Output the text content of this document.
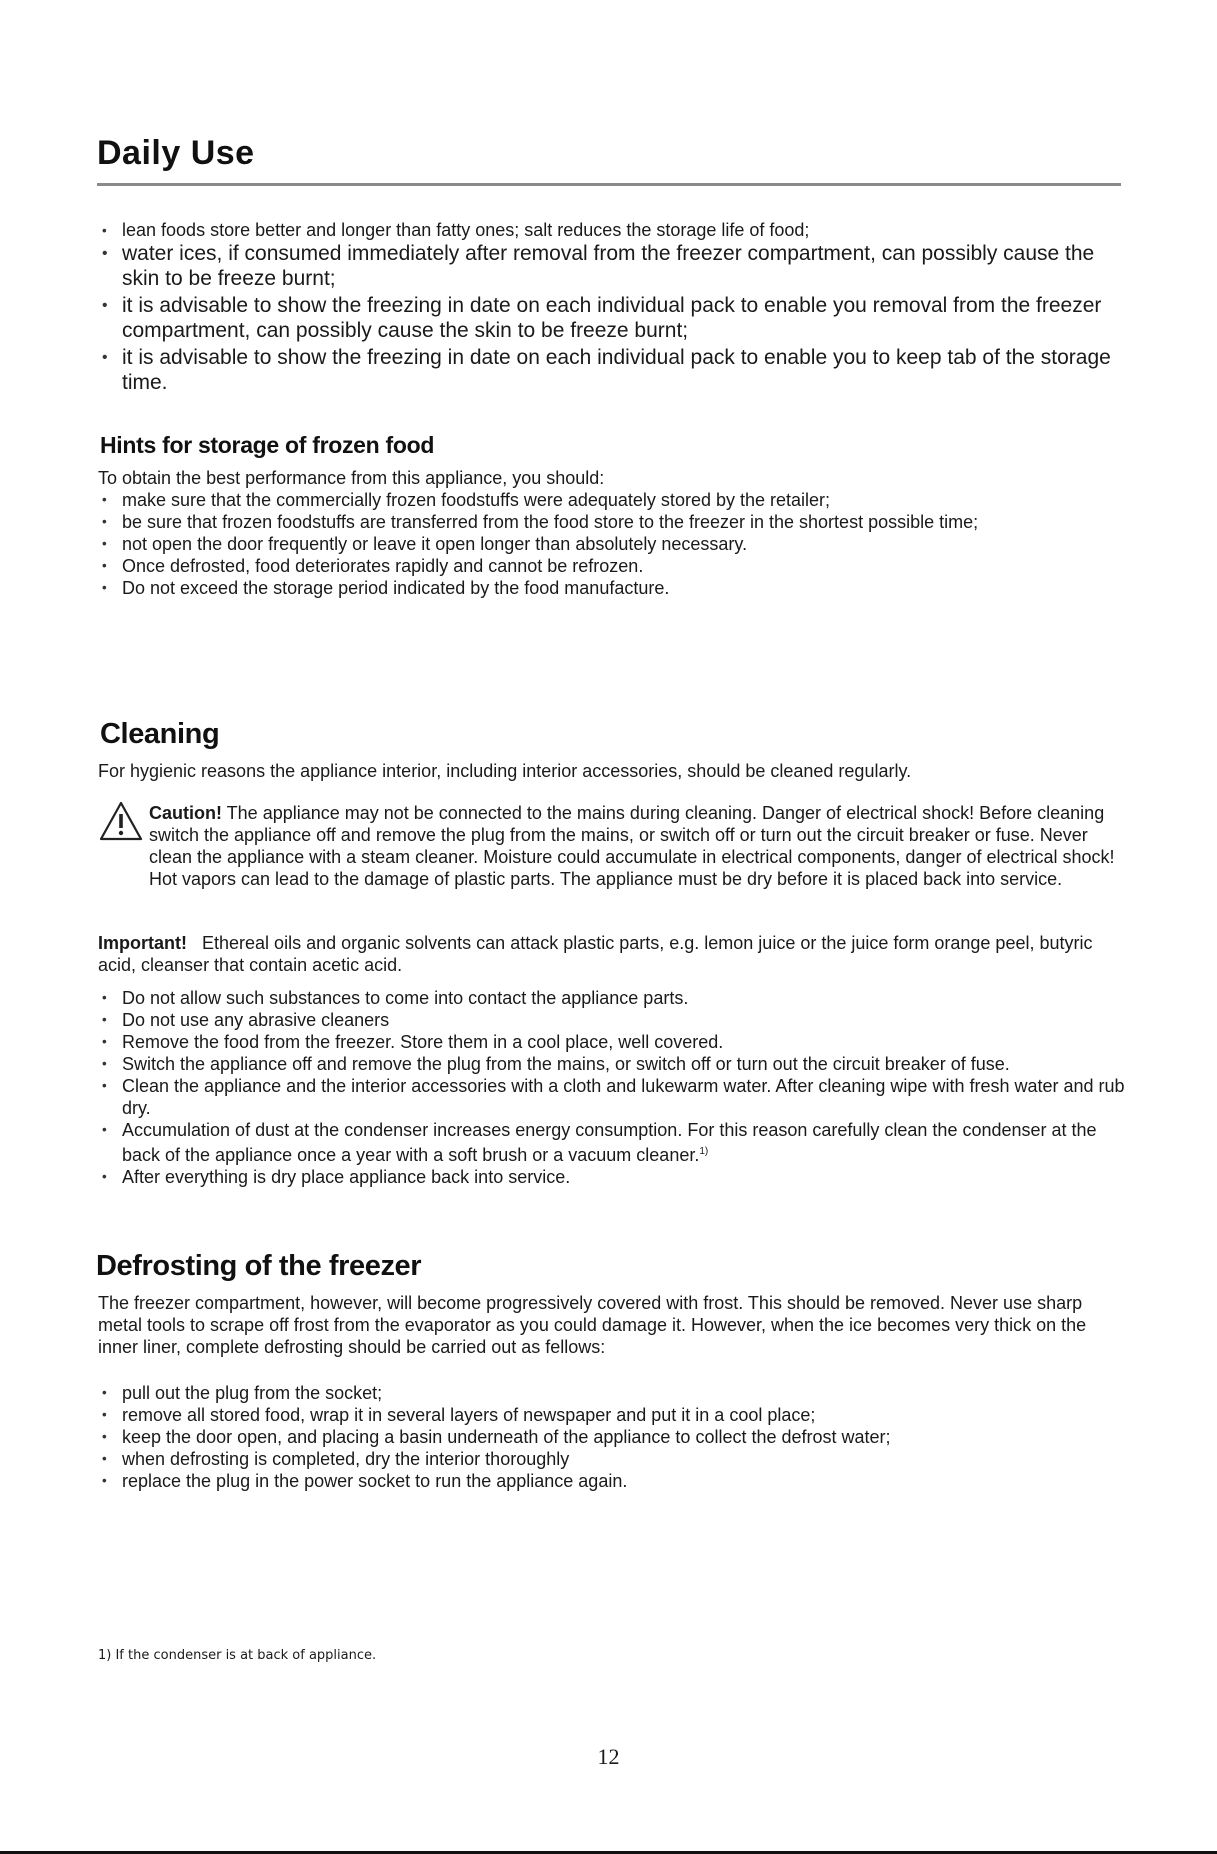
Daily Use
• lean foods store better and longer than fatty ones; salt reduces the storage life of food;
• water ices, if consumed immediately after removal from the freezer compartment, can possibly cause the skin to be freeze burnt;
• it is advisable to show the freezing in date on each individual pack to enable you removal from the freezer compartment, can possibly cause the skin to be freeze burnt;
• it is advisable to show the freezing in date on each individual pack to enable you to keep tab of the storage time.
Hints for storage of frozen food
To obtain the best performance from this appliance, you should:
• make sure that the commercially frozen foodstuffs were adequately stored by the retailer;
• be sure that frozen foodstuffs are transferred from the food store to the freezer in the shortest possible time;
• not open the door frequently or leave it open longer than absolutely necessary.
• Once defrosted, food deteriorates rapidly and cannot be refrozen.
• Do not exceed the storage period indicated by the food manufacture.
Cleaning
For hygienic reasons the appliance interior, including interior accessories, should be cleaned regularly.
Caution! The appliance may not be connected to the mains during cleaning. Danger of electrical shock! Before cleaning switch the appliance off and remove the plug from the mains, or switch off or turn out the circuit breaker or fuse. Never clean the appliance with a steam cleaner. Moisture could accumulate in electrical components, danger of electrical shock! Hot vapors can lead to the damage of plastic parts. The appliance must be dry before it is placed back into service.
Important! Ethereal oils and organic solvents can attack plastic parts, e.g. lemon juice or the juice form orange peel, butyric acid, cleanser that contain acetic acid.
• Do not allow such substances to come into contact the appliance parts.
• Do not use any abrasive cleaners
• Remove the food from the freezer. Store them in a cool place, well covered.
• Switch the appliance off and remove the plug from the mains, or switch off or turn out the circuit breaker of fuse.
• Clean the appliance and the interior accessories with a cloth and lukewarm water. After cleaning wipe with fresh water and rub dry.
• Accumulation of dust at the condenser increases energy consumption. For this reason carefully clean the condenser at the back of the appliance once a year with a soft brush or a vacuum cleaner.$^{1)}$
• After everything is dry place appliance back into service.
Defrosting of the freezer
The freezer compartment, however, will become progressively covered with frost. This should be removed. Never use sharp metal tools to scrape off frost from the evaporator as you could damage it. However, when the ice becomes very thick on the inner liner, complete defrosting should be carried out as fellows:
• pull out the plug from the socket;
• remove all stored food, wrap it in several layers of newspaper and put it in a cool place;
• keep the door open, and placing a basin underneath of the appliance to collect the defrost water;
• when defrosting is completed, dry the interior thoroughly
• replace the plug in the power socket to run the appliance again.
1) If the condenser is at back of appliance.
12
